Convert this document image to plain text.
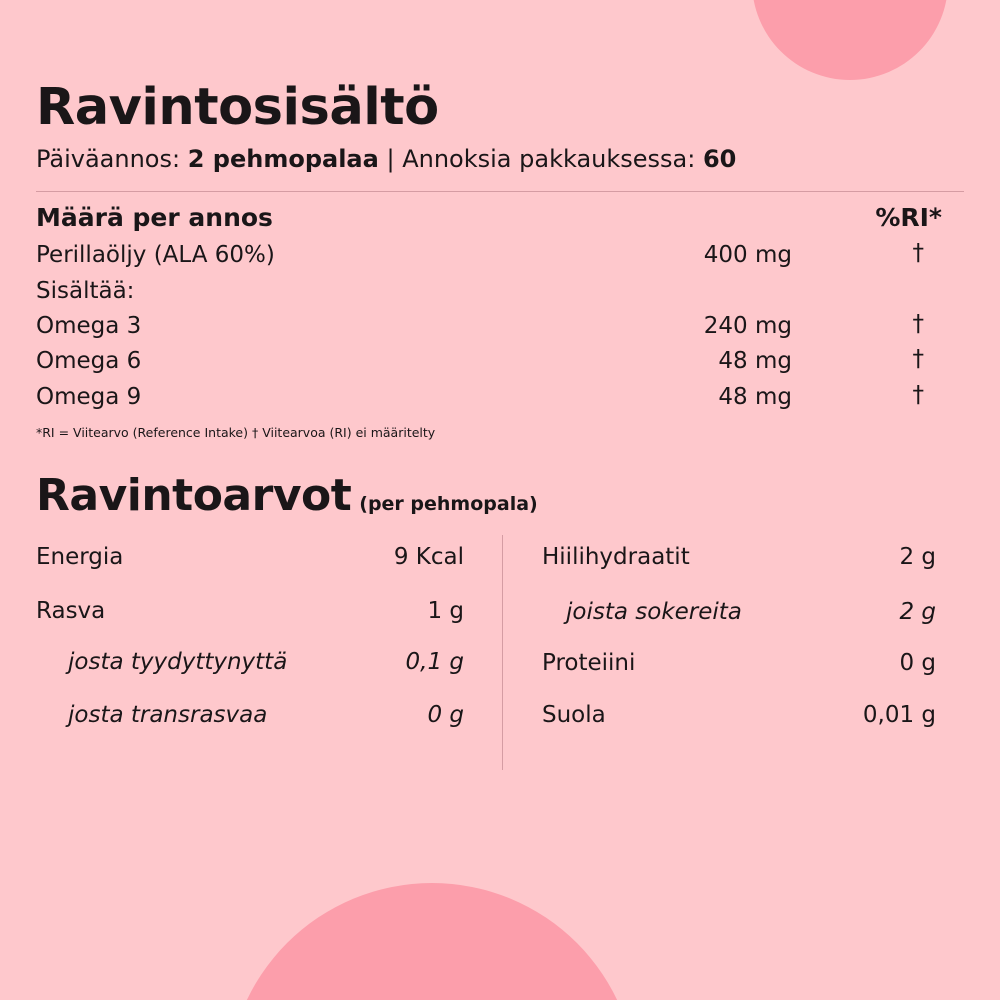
Ravintosisältö
Päiväannos: 2 pehmopalaa | Annoksia pakkauksessa: 60
Määrä per annos	%RI*
Perillaöljy (ALA 60%)	400 mg	†
Sisältää:
Omega 3	240 mg	†
Omega 6	48 mg	†
Omega 9	48 mg	†
*RI = Viitearvo (Reference Intake) † Viitearvoa (RI) ei määritelty
Ravintoarvot (per pehmopala)
Energia	9 Kcal
Rasva	1 g
josta tyydyttynyttä	0,1 g
josta transrasvaa	0 g
Hiilihydraatit	2 g
joista sokereita	2 g
Proteiini	0 g
Suola	0,01 g
